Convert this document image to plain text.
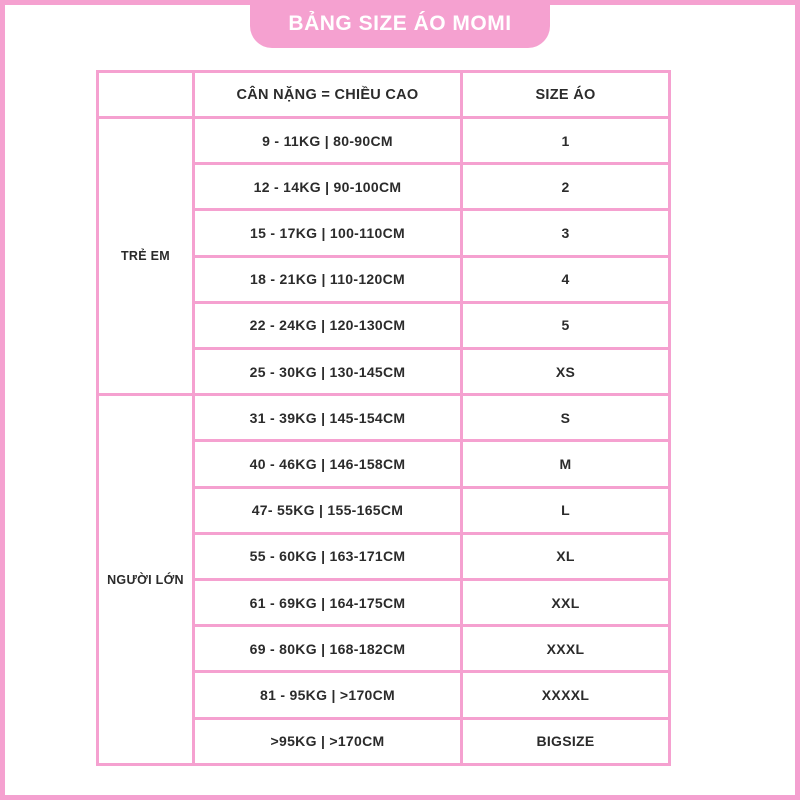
BẢNG SIZE ÁO MOMI
	CÂN NẶNG = CHIỀU CAO	SIZE ÁO
TRẺ EM	9 - 11KG | 80-90CM	1
	12 - 14KG | 90-100CM	2
	15 - 17KG | 100-110CM	3
	18 - 21KG | 110-120CM	4
	22 - 24KG | 120-130CM	5
	25 - 30KG | 130-145CM	XS
NGƯỜI LỚN	31 - 39KG | 145-154CM	S
	40 - 46KG | 146-158CM	M
	47- 55KG | 155-165CM	L
	55 - 60KG | 163-171CM	XL
	61 - 69KG | 164-175CM	XXL
	69 - 80KG | 168-182CM	XXXL
	81 - 95KG | >170CM	XXXXL
	>95KG | >170CM	BIGSIZE
